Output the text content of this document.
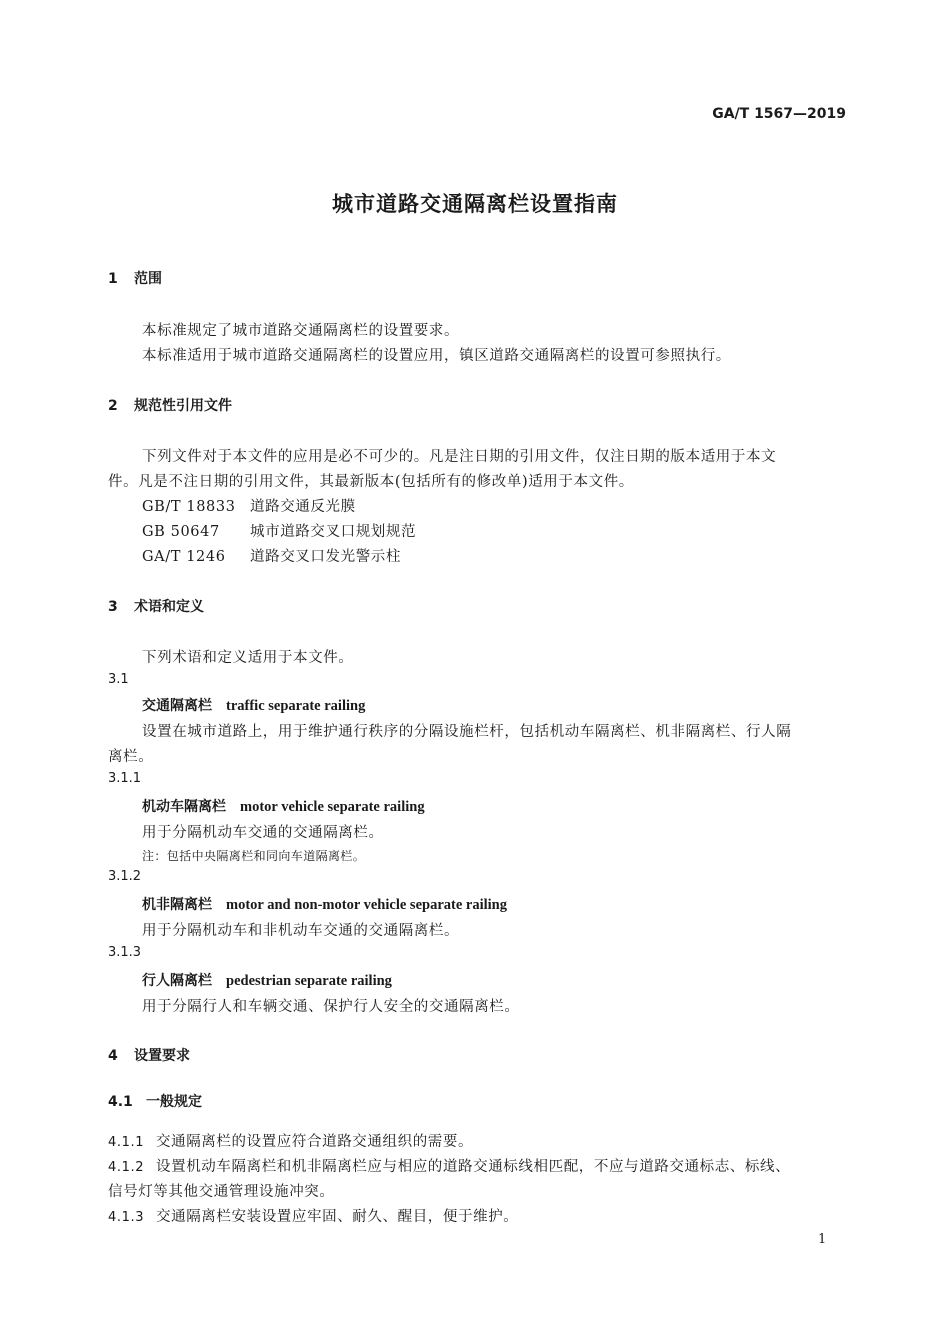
GA/T 1567—2019
城市道路交通隔离栏设置指南
1 范围
本标准规定了城市道路交通隔离栏的设置要求。
本标准适用于城市道路交通隔离栏的设置应用，镇区道路交通隔离栏的设置可参照执行。
2 规范性引用文件
下列文件对于本文件的应用是必不可少的。凡是注日期的引用文件，仅注日期的版本适用于本文
件。凡是不注日期的引用文件，其最新版本(包括所有的修改单)适用于本文件。
GB/T 18833 道路交通反光膜
GB 50647 城市道路交叉口规划规范
GA/T 1246 道路交叉口发光警示柱
3 术语和定义
下列术语和定义适用于本文件。
3.1
交通隔离栏 traffic separate railing
设置在城市道路上，用于维护通行秩序的分隔设施栏杆，包括机动车隔离栏、机非隔离栏、行人隔
离栏。
3.1.1
机动车隔离栏 motor vehicle separate railing
用于分隔机动车交通的交通隔离栏。
注：包括中央隔离栏和同向车道隔离栏。
3.1.2
机非隔离栏 motor and non-motor vehicle separate railing
用于分隔机动车和非机动车交通的交通隔离栏。
3.1.3
行人隔离栏 pedestrian separate railing
用于分隔行人和车辆交通、保护行人安全的交通隔离栏。
4 设置要求
4.1 一般规定
4.1.1 交通隔离栏的设置应符合道路交通组织的需要。
4.1.2 设置机动车隔离栏和机非隔离栏应与相应的道路交通标线相匹配，不应与道路交通标志、标线、
信号灯等其他交通管理设施冲突。
4.1.3 交通隔离栏安装设置应牢固、耐久、醒目，便于维护。
1
